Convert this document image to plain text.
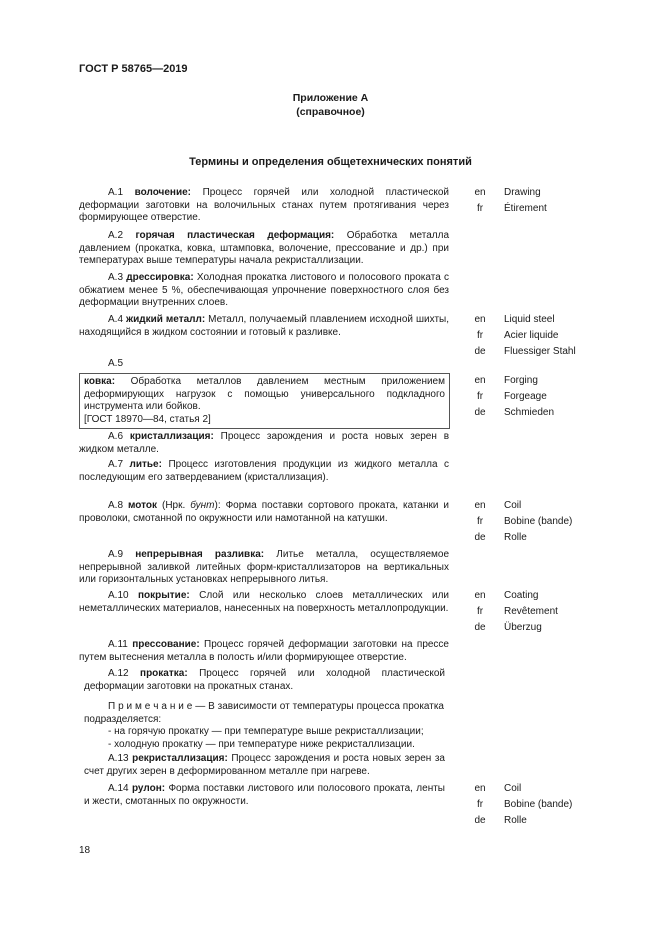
ГОСТ Р 58765—2019
Приложение А
(справочное)
Термины и определения общетехнических понятий

А.1 волочение: Процесс горячей или холодной пластической деформации заготовки на волочильных станах путем протягивания через формирующее отверстие.

en	Drawing
fr	Étirement

А.2 горячая пластическая деформация: Обработка металла давлением (прокатка, ковка, штамповка, волочение, прессование и др.) при температурах выше температуры начала рекристаллизации.

А.3 дрессировка: Холодная прокатка листового и полосового проката с обжатием менее 5 %, обеспечивающая упрочнение поверхностного слоя без деформации внутренних слоев.

А.4 жидкий металл: Металл, получаемый плавлением исходной шихты, находящийся в жидком состоянии и готовый к разливке.

en	Liquid steel
fr	Acier liquide
de	Fluessiger Stahl
А.5

ковка: Обработка металлов давлением местным приложением деформирующих нагрузок с помощью универсального подкладного инструмента или бойков.

[ГОСТ 18970—84, статья 2]

en	Forging
fr	Forgeage
de	Schmieden

А.6 кристаллизация: Процесс зарождения и роста новых зерен в жидком металле.

А.7 литье: Процесс изготовления продукции из жидкого металла с последующим его затвердеванием (кристаллизация).

А.8 моток (Нрк. бунт): Форма поставки сортового проката, катанки и проволоки, смотанной по окружности или намотанной на катушки.

en	Coil
fr	Bobine (bande)
de	Rolle

А.9 непрерывная разливка: Литье металла, осуществляемое непрерывной заливкой литейных форм-кристаллизаторов на вертикальных или горизонтальных установках непрерывного литья.

А.10 покрытие: Слой или несколько слоев металлических или неметаллических материалов, нанесенных на поверхность металлопродукции.

en	Coating
fr	Revêtement
de	Überzug

А.11 прессование: Процесс горячей деформации заготовки на прессе путем вытеснения металла в полость и/или формирующее отверстие.

А.12 прокатка: Процесс горячей или холодной пластической деформации заготовки на прокатных станах.

П р и м е ч а н и е — В зависимости от температуры процесса прокатка подразделяется:

- на горячую прокатку — при температуре выше рекристаллизации;

- холодную прокатку — при температуре ниже рекристаллизации.

А.13 рекристаллизация: Процесс зарождения и роста новых зерен за счет других зерен в деформированном металле при нагреве.

А.14 рулон: Форма поставки листового или полосового проката, ленты и жести, смотанных по окружности.

en	Coil
fr	Bobine (bande)
de	Rolle
18
